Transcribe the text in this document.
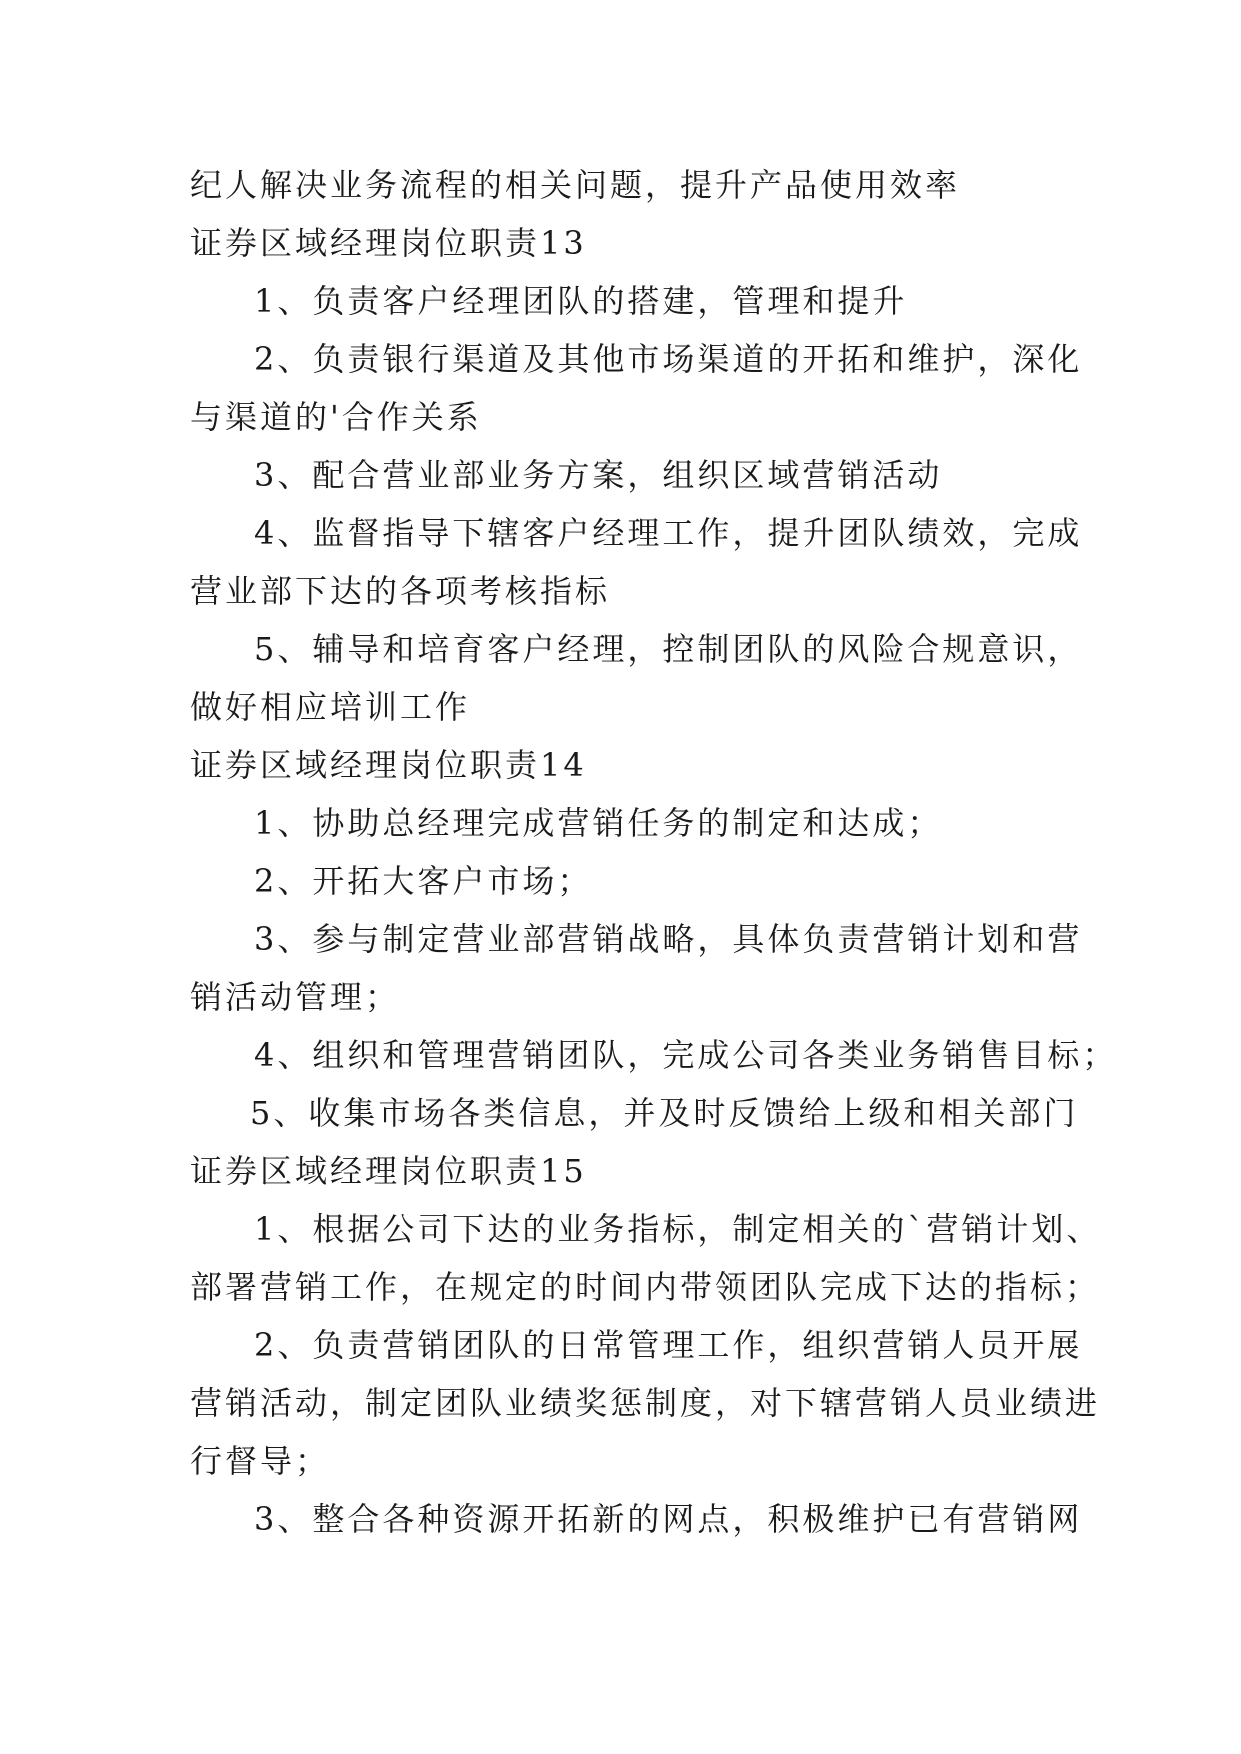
纪人解决业务流程的相关问题，提升产品使用效率
证券区域经理岗位职责13
1、负责客户经理团队的搭建，管理和提升
2、负责银行渠道及其他市场渠道的开拓和维护，深化
与渠道的'合作关系
3、配合营业部业务方案，组织区域营销活动
4、监督指导下辖客户经理工作，提升团队绩效，完成
营业部下达的各项考核指标
5、辅导和培育客户经理，控制团队的风险合规意识，
做好相应培训工作
证券区域经理岗位职责14
1、协助总经理完成营销任务的制定和达成；
2、开拓大客户市场；
3、参与制定营业部营销战略，具体负责营销计划和营
销活动管理；
4、组织和管理营销团队，完成公司各类业务销售目标；
5、收集市场各类信息，并及时反馈给上级和相关部门
证券区域经理岗位职责15
1、根据公司下达的业务指标，制定相关的`营销计划、
部署营销工作，在规定的时间内带领团队完成下达的指标；
2、负责营销团队的日常管理工作，组织营销人员开展
营销活动，制定团队业绩奖惩制度，对下辖营销人员业绩进
行督导；
3、整合各种资源开拓新的网点，积极维护已有营销网
